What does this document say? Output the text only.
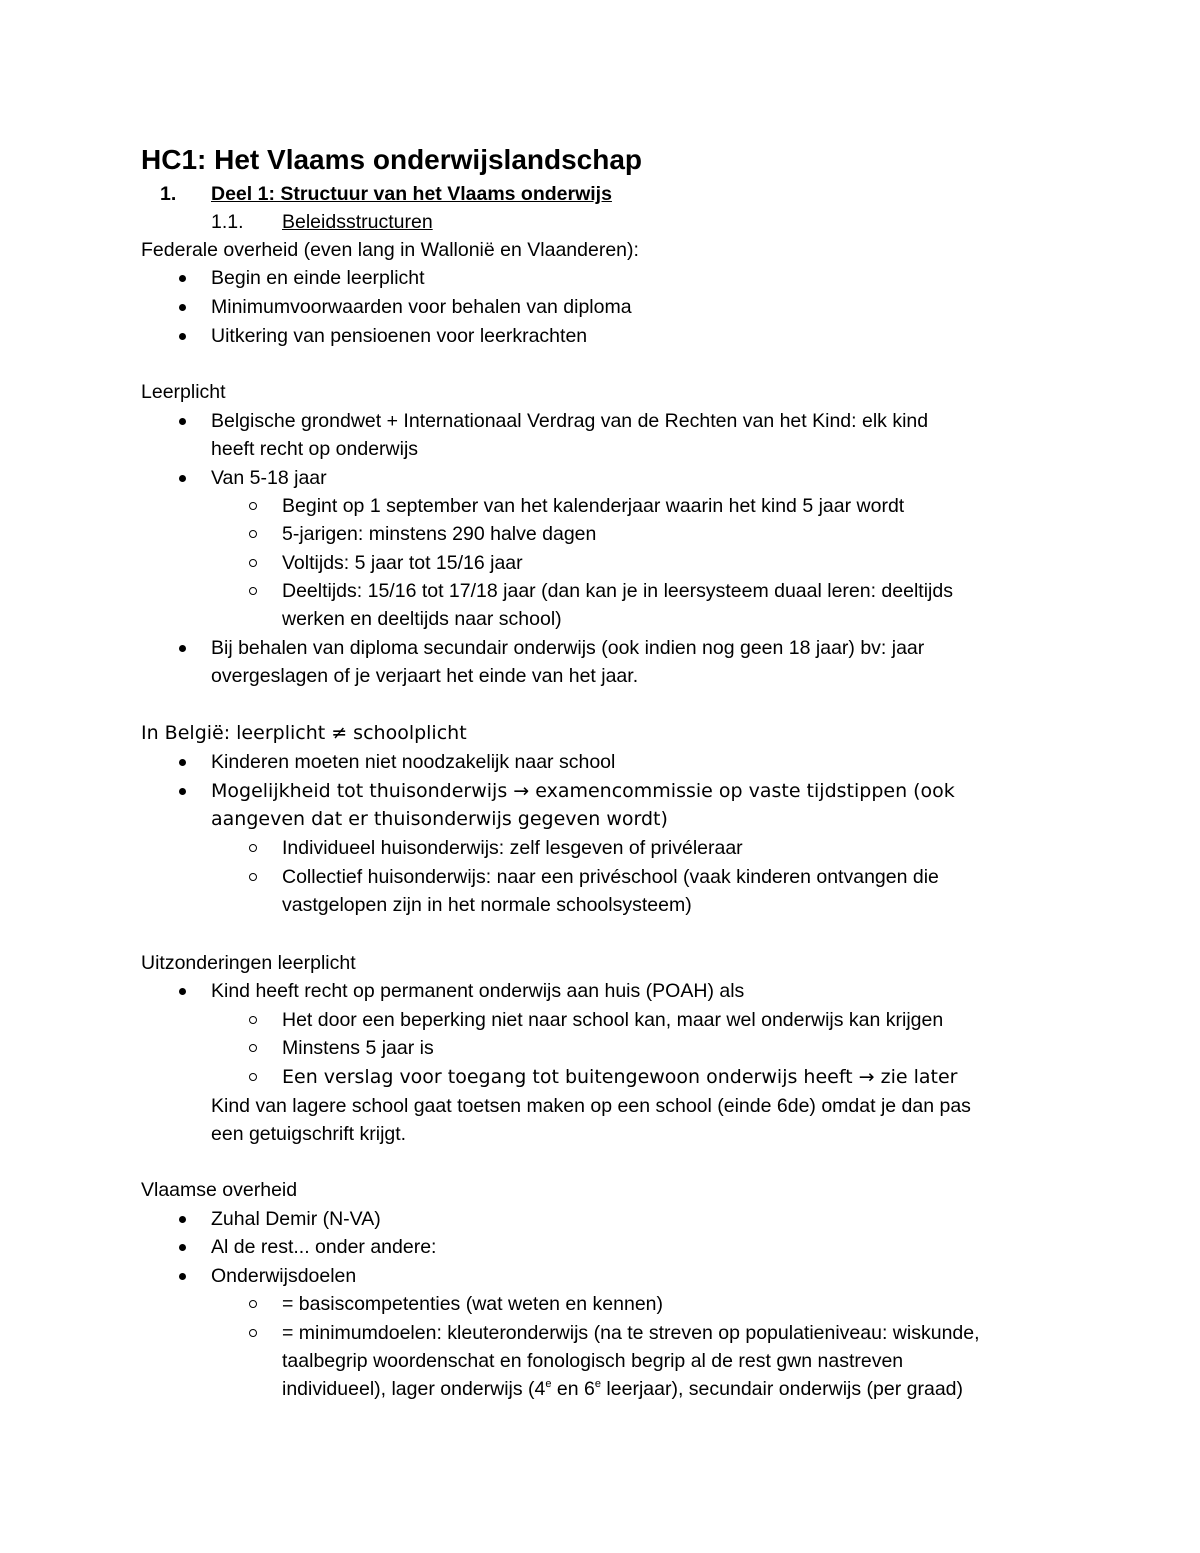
HC1: Het Vlaams onderwijslandschap
1. Deel 1: Structuur van het Vlaams onderwijs
1.1. Beleidsstructuren
Federale overheid (even lang in Wallonië en Vlaanderen):
Begin en einde leerplicht
Minimumvoorwaarden voor behalen van diploma
Uitkering van pensioenen voor leerkrachten
Leerplicht
Belgische grondwet + Internationaal Verdrag van de Rechten van het Kind: elk kind
heeft recht op onderwijs
Van 5-18 jaar
Begint op 1 september van het kalenderjaar waarin het kind 5 jaar wordt
5-jarigen: minstens 290 halve dagen
Voltijds: 5 jaar tot 15/16 jaar
Deeltijds: 15/16 tot 17/18 jaar (dan kan je in leersysteem duaal leren: deeltijds
werken en deeltijds naar school)
Bij behalen van diploma secundair onderwijs (ook indien nog geen 18 jaar) bv: jaar
overgeslagen of je verjaart het einde van het jaar.
In België: leerplicht ≠ schoolplicht
Kinderen moeten niet noodzakelijk naar school
Mogelijkheid tot thuisonderwijs → examencommissie op vaste tijdstippen (ook
aangeven dat er thuisonderwijs gegeven wordt)
Individueel huisonderwijs: zelf lesgeven of privéleraar
Collectief huisonderwijs: naar een privéschool (vaak kinderen ontvangen die
vastgelopen zijn in het normale schoolsysteem)
Uitzonderingen leerplicht
Kind heeft recht op permanent onderwijs aan huis (POAH) als
Het door een beperking niet naar school kan, maar wel onderwijs kan krijgen
Minstens 5 jaar is
Een verslag voor toegang tot buitengewoon onderwijs heeft → zie later
Kind van lagere school gaat toetsen maken op een school (einde 6de) omdat je dan pas
een getuigschrift krijgt.
Vlaamse overheid
Zuhal Demir (N-VA)
Al de rest... onder andere:
Onderwijsdoelen
= basiscompetenties (wat weten en kennen)
= minimumdoelen: kleuteronderwijs (na te streven op populatieniveau: wiskunde,
taalbegrip woordenschat en fonologisch begrip al de rest gwn nastreven
individueel), lager onderwijs (4e en 6e leerjaar), secundair onderwijs (per graad)
